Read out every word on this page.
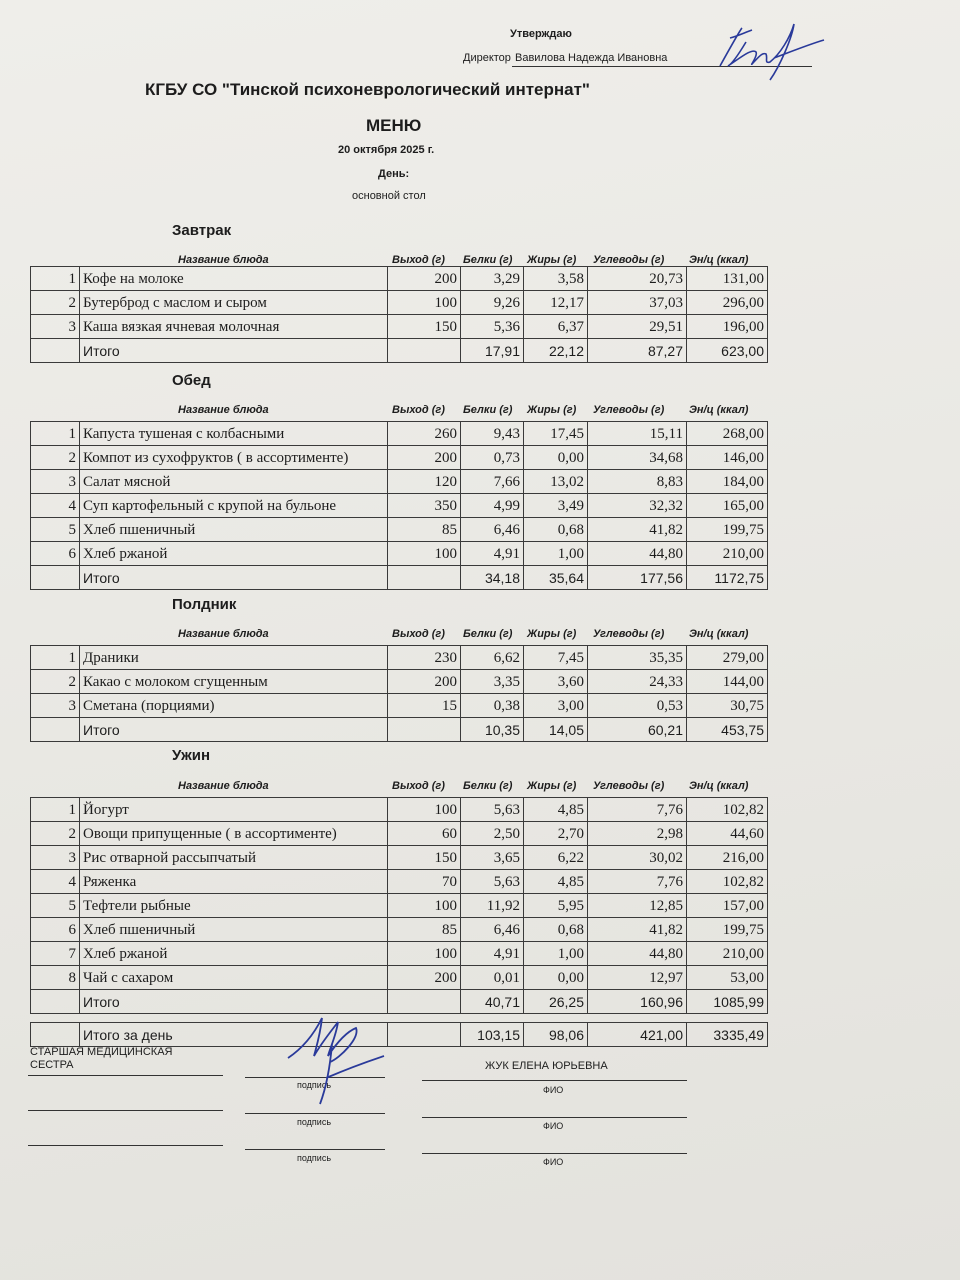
Утверждаю
Директор Вавилова Надежда Ивановна
КГБУ СО "Тинской психоневрологический интернат"
МЕНЮ
20 октября 2025 г.
День:
основной стол
Завтрак
Название блюда	Выход (г) Белки (г) Жиры (г) Углеводы (г) Эн/ц (ккал)
1	Кофе на молоке	200	3,29	3,58	20,73	131,00
2	Бутерброд с маслом и сыром	100	9,26	12,17	37,03	296,00
3	Каша вязкая ячневая молочная	150	5,36	6,37	29,51	196,00
	Итого		17,91	22,12	87,27	623,00
Обед
Название блюда	Выход (г) Белки (г) Жиры (г) Углеводы (г) Эн/ц (ккал)
1	Капуста тушеная с колбасными	260	9,43	17,45	15,11	268,00
2	Компот из сухофруктов ( в ассортименте)	200	0,73	0,00	34,68	146,00
3	Салат мясной	120	7,66	13,02	8,83	184,00
4	Суп картофельный с крупой на бульоне	350	4,99	3,49	32,32	165,00
5	Хлеб пшеничный	85	6,46	0,68	41,82	199,75
6	Хлеб ржаной	100	4,91	1,00	44,80	210,00
	Итого		34,18	35,64	177,56	1172,75
Полдник
Название блюда	Выход (г) Белки (г) Жиры (г) Углеводы (г) Эн/ц (ккал)
1	Драники	230	6,62	7,45	35,35	279,00
2	Какао с молоком сгущенным	200	3,35	3,60	24,33	144,00
3	Сметана (порциями)	15	0,38	3,00	0,53	30,75
	Итого		10,35	14,05	60,21	453,75
Ужин
Название блюда	Выход (г) Белки (г) Жиры (г) Углеводы (г) Эн/ц (ккал)
1	Йогурт	100	5,63	4,85	7,76	102,82
2	Овощи припущенные ( в ассортименте)	60	2,50	2,70	2,98	44,60
3	Рис отварной рассыпчатый	150	3,65	6,22	30,02	216,00
4	Ряженка	70	5,63	4,85	7,76	102,82
5	Тефтели рыбные	100	11,92	5,95	12,85	157,00
6	Хлеб пшеничный	85	6,46	0,68	41,82	199,75
7	Хлеб ржаной	100	4,91	1,00	44,80	210,00
8	Чай с сахаром	200	0,01	0,00	12,97	53,00
	Итого		40,71	26,25	160,96	1085,99
	Итого за день		103,15	98,06	421,00	3335,49
СТАРШАЯ МЕДИЦИНСКАЯ СЕСТРА	ЖУК ЕЛЕНА ЮРЬЕВНА
подпись	ФИО
подпись	ФИО
подпись	ФИО
